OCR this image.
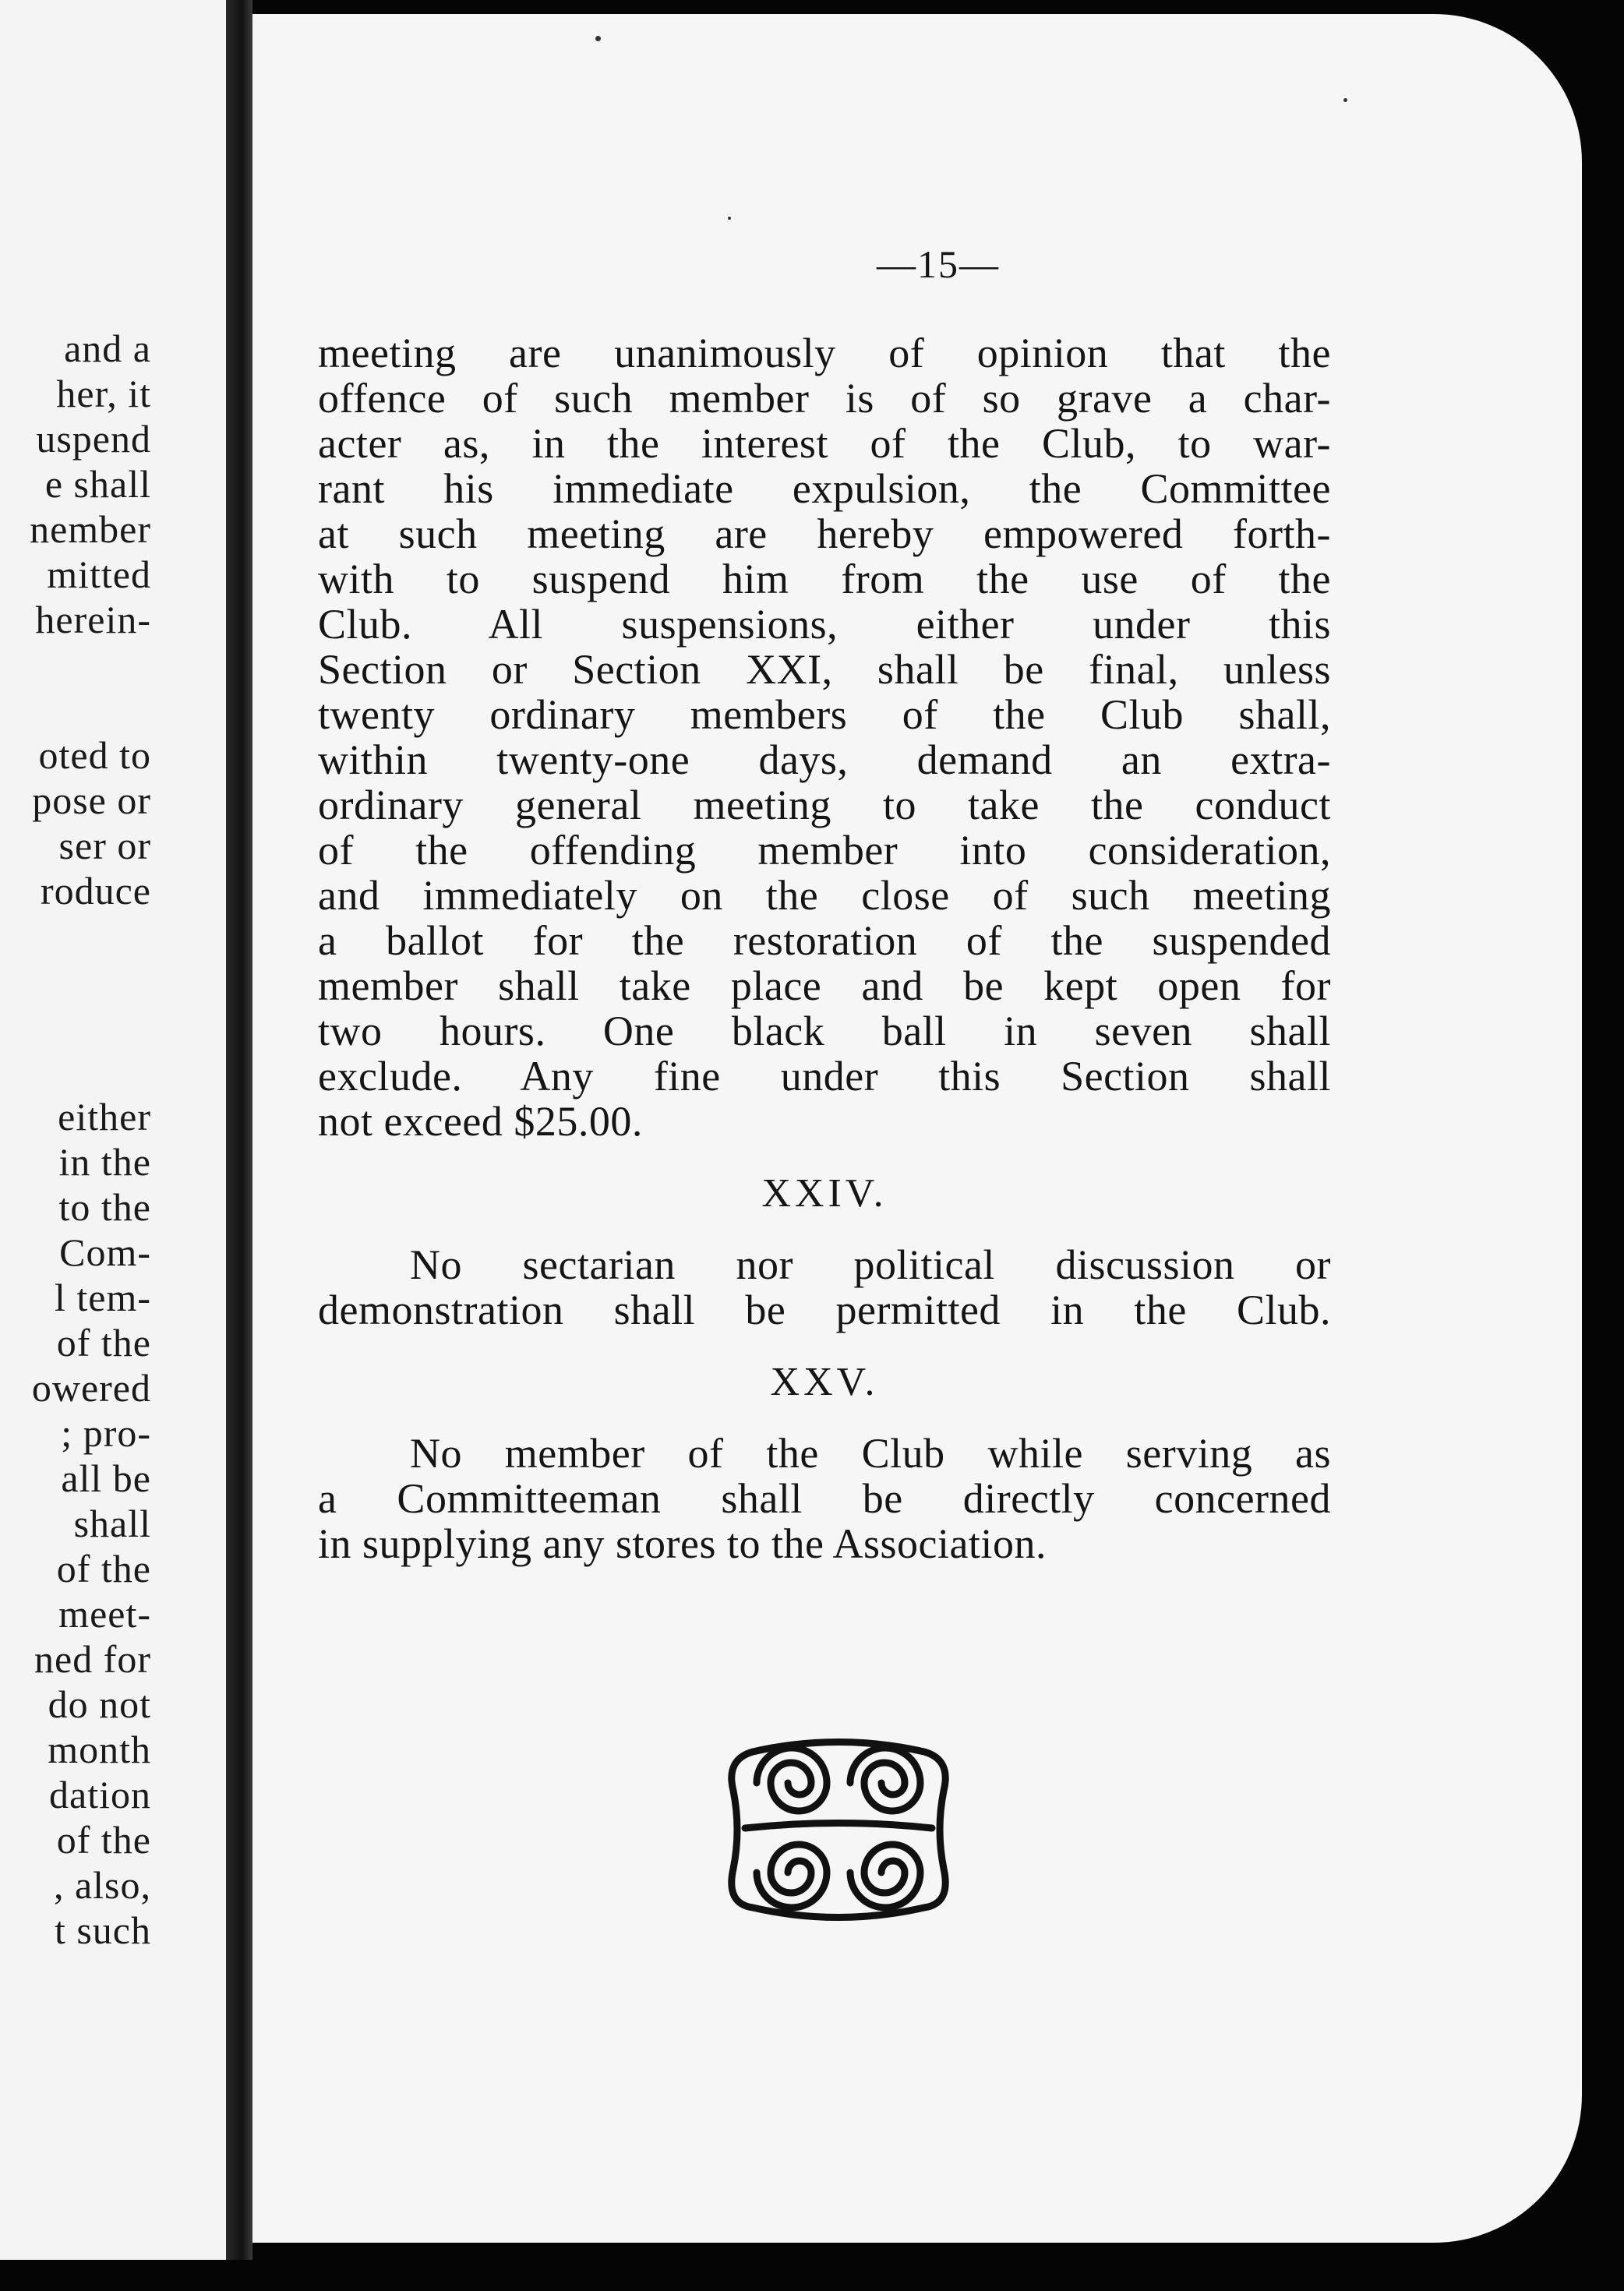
and a
her, it
uspend
e shall
nember
mitted
herein-
oted to
pose or
ser or
roduce
either
in the
to the
Com-
l tem-
of the
owered
; pro-
all be
shall
of the
meet-
ned for
do not
month
dation
of the
, also,
t such
—15—
meeting are unanimously of opinion that the
offence of such member is of so grave a char-
acter as, in the interest of the Club, to war-
rant his immediate expulsion, the Committee
at such meeting are hereby empowered forth-
with to suspend him from the use of the
Club. All suspensions, either under this
Section or Section XXI, shall be final, unless
twenty ordinary members of the Club shall,
within twenty-one days, demand an extra-
ordinary general meeting to take the conduct
of the offending member into consideration,
and immediately on the close of such meeting
a ballot for the restoration of the suspended
member shall take place and be kept open for
two hours. One black ball in seven shall
exclude. Any fine under this Section shall
not exceed $25.00.
XXIV.
No sectarian nor political discussion or
demonstration shall be permitted in the Club.
XXV.
No member of the Club while serving as
a Committeeman shall be directly concerned
in supplying any stores to the Association.
